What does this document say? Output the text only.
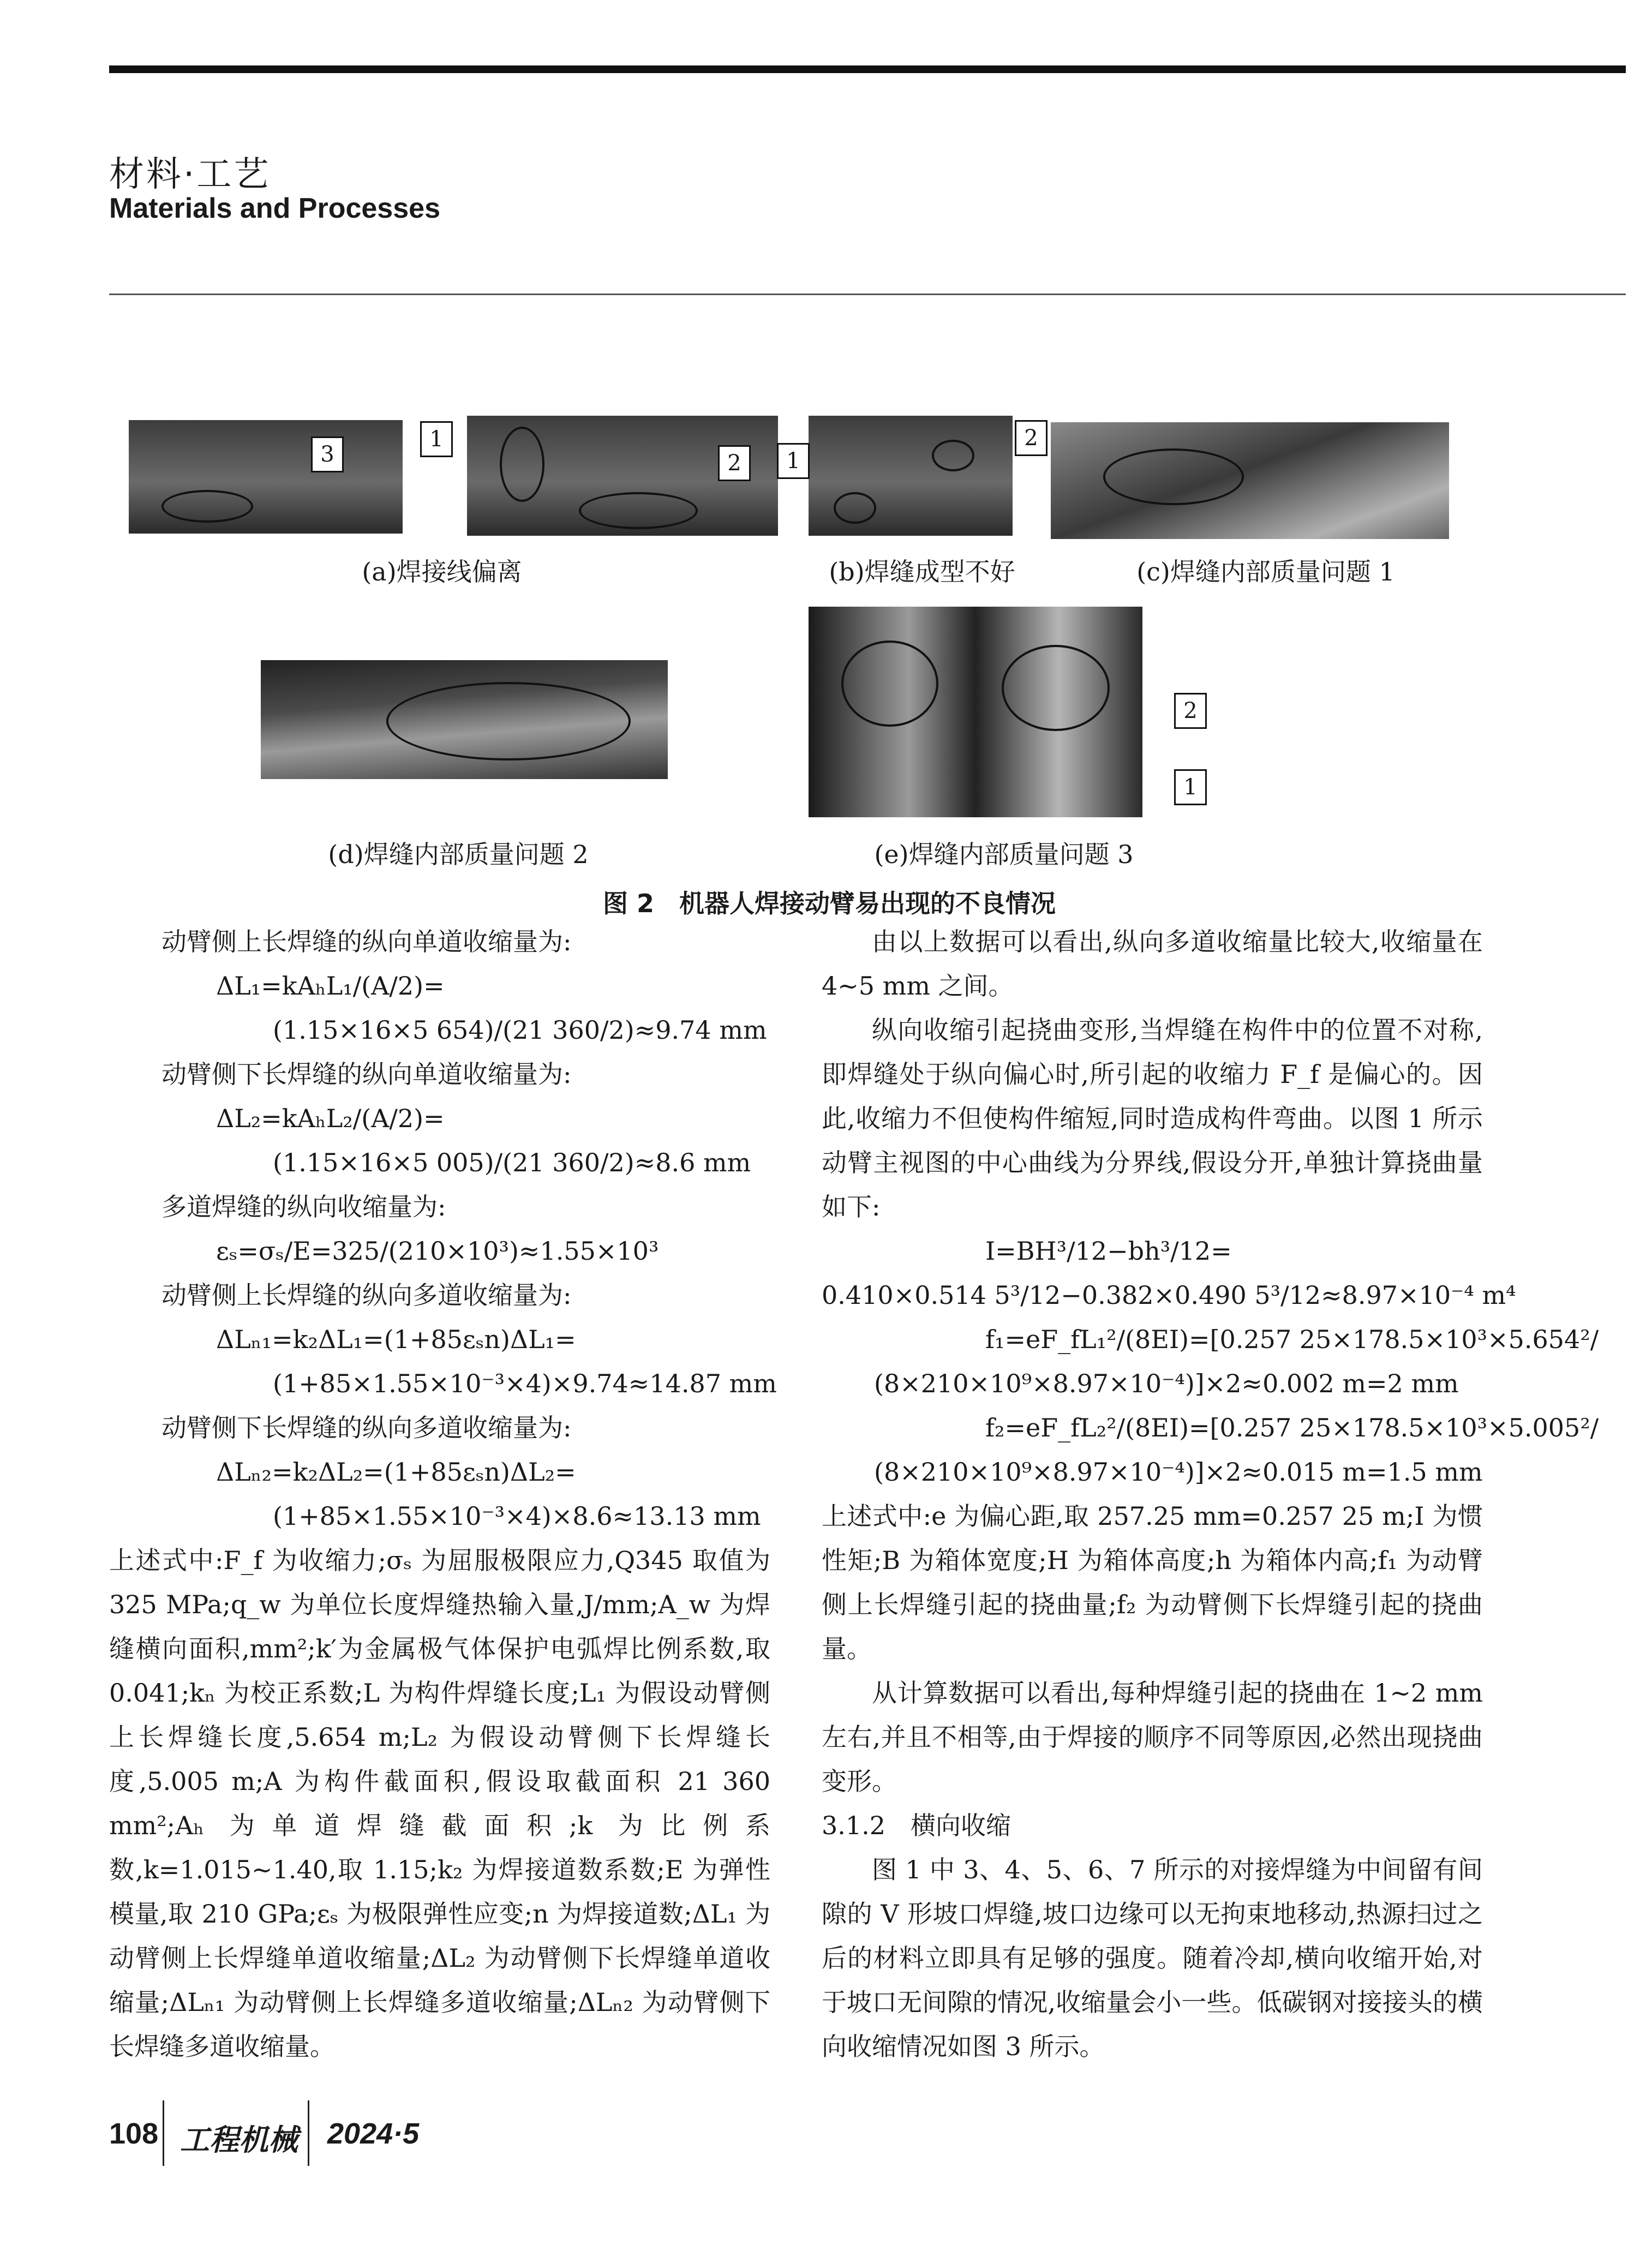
材料·工艺
Materials and Processes
3
1
2	1
2
(a)焊接线偏离	(b)焊缝成型不好	(c)焊缝内部质量问题 1
2
1
(d)焊缝内部质量问题 2	(e)焊缝内部质量问题 3
图 2　机器人焊接动臂易出现的不良情况
动臂侧上长焊缝的纵向单道收缩量为:
ΔL₁=kAₕL₁/(A/2)=
(1.15×16×5 654)/(21 360/2)≈9.74 mm
动臂侧下长焊缝的纵向单道收缩量为:
ΔL₂=kAₕL₂/(A/2)=
(1.15×16×5 005)/(21 360/2)≈8.6 mm
多道焊缝的纵向收缩量为:
εₛ=σₛ/E=325/(210×10³)≈1.55×10³
动臂侧上长焊缝的纵向多道收缩量为:
ΔLₙ₁=k₂ΔL₁=(1+85εₛn)ΔL₁=
(1+85×1.55×10⁻³×4)×9.74≈14.87 mm
动臂侧下长焊缝的纵向多道收缩量为:
ΔLₙ₂=k₂ΔL₂=(1+85εₛn)ΔL₂=
(1+85×1.55×10⁻³×4)×8.6≈13.13 mm
上述式中:F_f 为收缩力;σₛ 为屈服极限应力,Q345 取值为 325 MPa;q_w 为单位长度焊缝热输入量,J/mm;A_w 为焊缝横向面积,mm²;k′为金属极气体保护电弧焊比例系数,取 0.041;kₙ 为校正系数;L 为构件焊缝长度;L₁ 为假设动臂侧上长焊缝长度,5.654 m;L₂ 为假设动臂侧下长焊缝长度,5.005 m;A 为构件截面积,假设取截面积 21 360 mm²;Aₕ 为单道焊缝截面积;k 为比例系数,k=1.015~1.40,取 1.15;k₂ 为焊接道数系数;E 为弹性模量,取 210 GPa;εₛ 为极限弹性应变;n 为焊接道数;ΔL₁ 为动臂侧上长焊缝单道收缩量;ΔL₂ 为动臂侧下长焊缝单道收缩量;ΔLₙ₁ 为动臂侧上长焊缝多道收缩量;ΔLₙ₂ 为动臂侧下长焊缝多道收缩量。
由以上数据可以看出,纵向多道收缩量比较大,收缩量在 4~5 mm 之间。
纵向收缩引起挠曲变形,当焊缝在构件中的位置不对称,即焊缝处于纵向偏心时,所引起的收缩力 F_f 是偏心的。因此,收缩力不但使构件缩短,同时造成构件弯曲。以图 1 所示动臂主视图的中心曲线为分界线,假设分开,单独计算挠曲量如下:
I=BH³/12−bh³/12=
0.410×0.514 5³/12−0.382×0.490 5³/12≈8.97×10⁻⁴ m⁴
f₁=eF_fL₁²/(8EI)=[0.257 25×178.5×10³×5.654²/
(8×210×10⁹×8.97×10⁻⁴)]×2≈0.002 m=2 mm
f₂=eF_fL₂²/(8EI)=[0.257 25×178.5×10³×5.005²/
(8×210×10⁹×8.97×10⁻⁴)]×2≈0.015 m=1.5 mm
上述式中:e 为偏心距,取 257.25 mm=0.257 25 m;I 为惯性矩;B 为箱体宽度;H 为箱体高度;h 为箱体内高;f₁ 为动臂侧上长焊缝引起的挠曲量;f₂ 为动臂侧下长焊缝引起的挠曲量。
从计算数据可以看出,每种焊缝引起的挠曲在 1~2 mm 左右,并且不相等,由于焊接的顺序不同等原因,必然出现挠曲变形。
3.1.2　横向收缩
图 1 中 3、4、5、6、7 所示的对接焊缝为中间留有间隙的 V 形坡口焊缝,坡口边缘可以无拘束地移动,热源扫过之后的材料立即具有足够的强度。随着冷却,横向收缩开始,对于坡口无间隙的情况,收缩量会小一些。低碳钢对接接头的横向收缩情况如图 3 所示。
108 工程机械 2024·5
